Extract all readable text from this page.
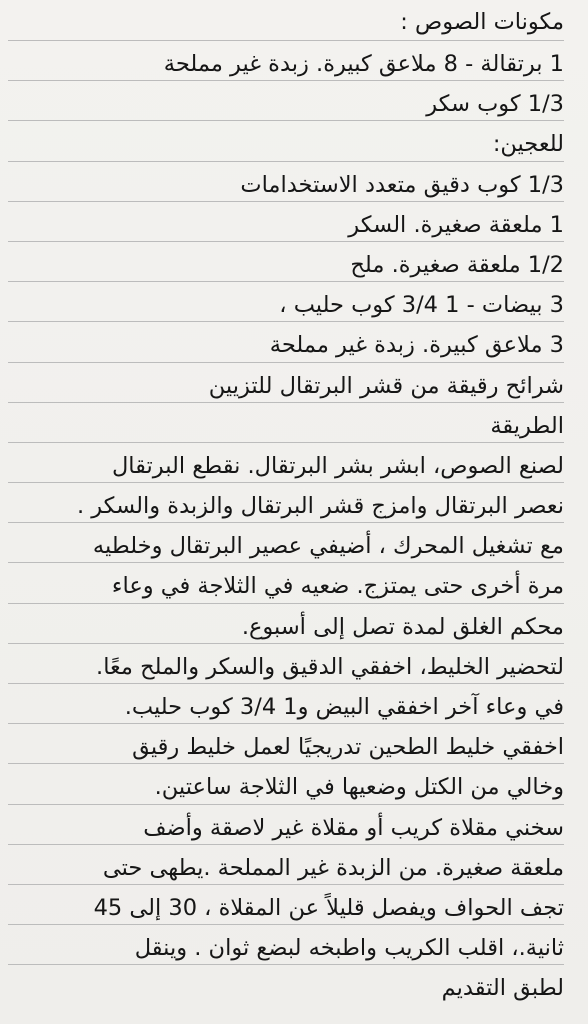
مكونات الصوص :
1 برتقالة - 8 ملاعق كبيرة. زبدة غير مملحة
1/3 كوب سكر
للعجين:
1/3 كوب دقيق متعدد الاستخدامات
1 ملعقة صغيرة. السكر
1/2 ملعقة صغيرة. ملح
3 بيضات - 1 3/4 كوب حليب ،
3 ملاعق كبيرة. زبدة غير مملحة
شرائح رقيقة من قشر البرتقال للتزيين
الطريقة
لصنع الصوص، ابشر بشر البرتقال. نقطع البرتقال
نعصر البرتقال وامزج قشر البرتقال والزبدة والسكر .
مع تشغيل المحرك ، أضيفي عصير البرتقال وخلطيه
مرة أخرى حتى يمتزج. ضعيه في الثلاجة في وعاء
محكم الغلق لمدة تصل إلى أسبوع.
لتحضير الخليط، اخفقي الدقيق والسكر والملح معًا.
في وعاء آخر اخفقي البيض و1 3/4 كوب حليب.
اخفقي خليط الطحين تدريجيًا لعمل خليط رقيق
وخالي من الكتل وضعيها في الثلاجة ساعتين.
سخني مقلاة كريب أو مقلاة غير لاصقة وأضف
ملعقة صغيرة. من الزبدة غير المملحة .يطهى حتى
تجف الحواف ويفصل قليلاً عن المقلاة ، 30 إلى 45
ثانية.، اقلب الكريب واطبخه لبضع ثوان . وينقل
لطبق التقديم
